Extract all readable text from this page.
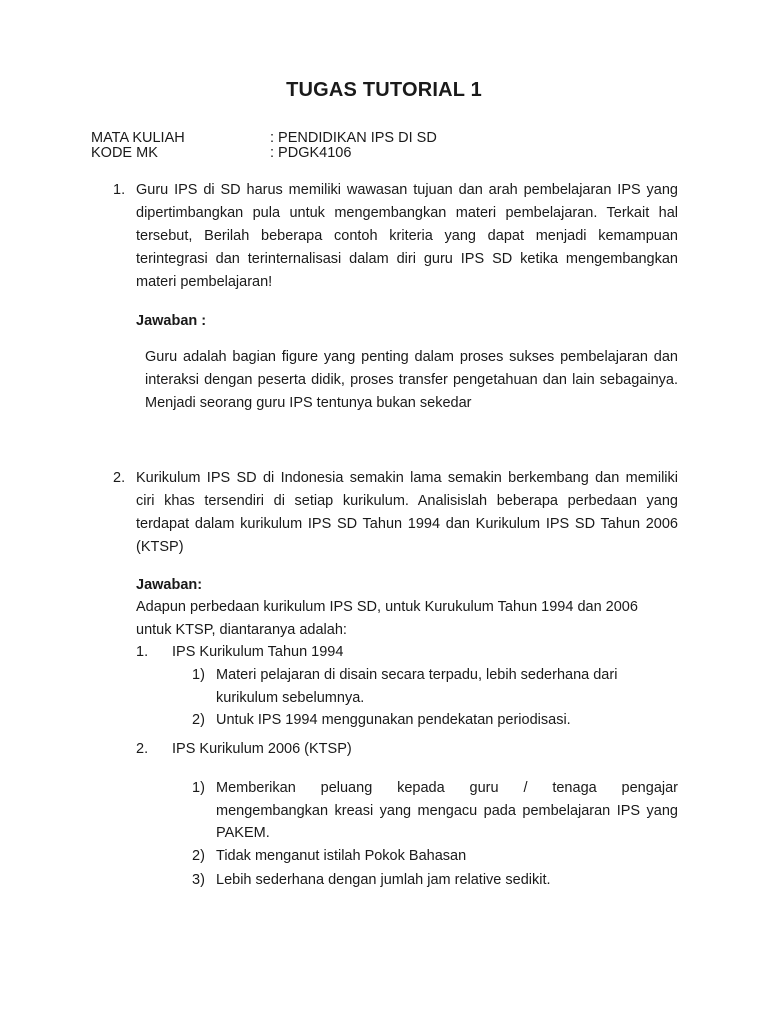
TUGAS TUTORIAL 1
MATA KULIAH	: PENDIDIKAN IPS DI SD
KODE MK	: PDGK4106
1. Guru IPS di SD harus memiliki wawasan tujuan dan arah pembelajaran IPS yang
dipertimbangkan pula untuk mengembangkan materi pembelajaran. Terkait hal
tersebut, Berilah beberapa contoh kriteria yang dapat menjadi kemampuan
terintegrasi dan terinternalisasi dalam diri guru IPS SD ketika mengembangkan
materi pembelajaran!
Jawaban :
Guru adalah bagian figure yang penting dalam proses sukses pembelajaran dan
interaksi dengan peserta didik, proses transfer pengetahuan dan lain sebagainya.
Menjadi seorang guru IPS tentunya bukan sekedar
2. Kurikulum IPS SD di Indonesia semakin lama semakin berkembang dan memiliki
ciri khas tersendiri di setiap kurikulum. Analisislah beberapa perbedaan yang
terdapat dalam kurikulum IPS SD Tahun 1994 dan Kurikulum IPS SD Tahun 2006
(KTSP)
Jawaban:
Adapun perbedaan kurikulum IPS SD, untuk Kurukulum Tahun 1994 dan 2006
untuk KTSP, diantaranya adalah:
1. IPS Kurikulum Tahun 1994
1) Materi pelajaran di disain secara terpadu, lebih sederhana dari
kurikulum sebelumnya.
2) Untuk IPS 1994 menggunakan pendekatan periodisasi.
2. IPS Kurikulum 2006 (KTSP)
1) Memberikan peluang kepada guru / tenaga pengajar
mengembangkan kreasi yang mengacu pada pembelajaran IPS yang
PAKEM.
2) Tidak menganut istilah Pokok Bahasan
3) Lebih sederhana dengan jumlah jam relative sedikit.
